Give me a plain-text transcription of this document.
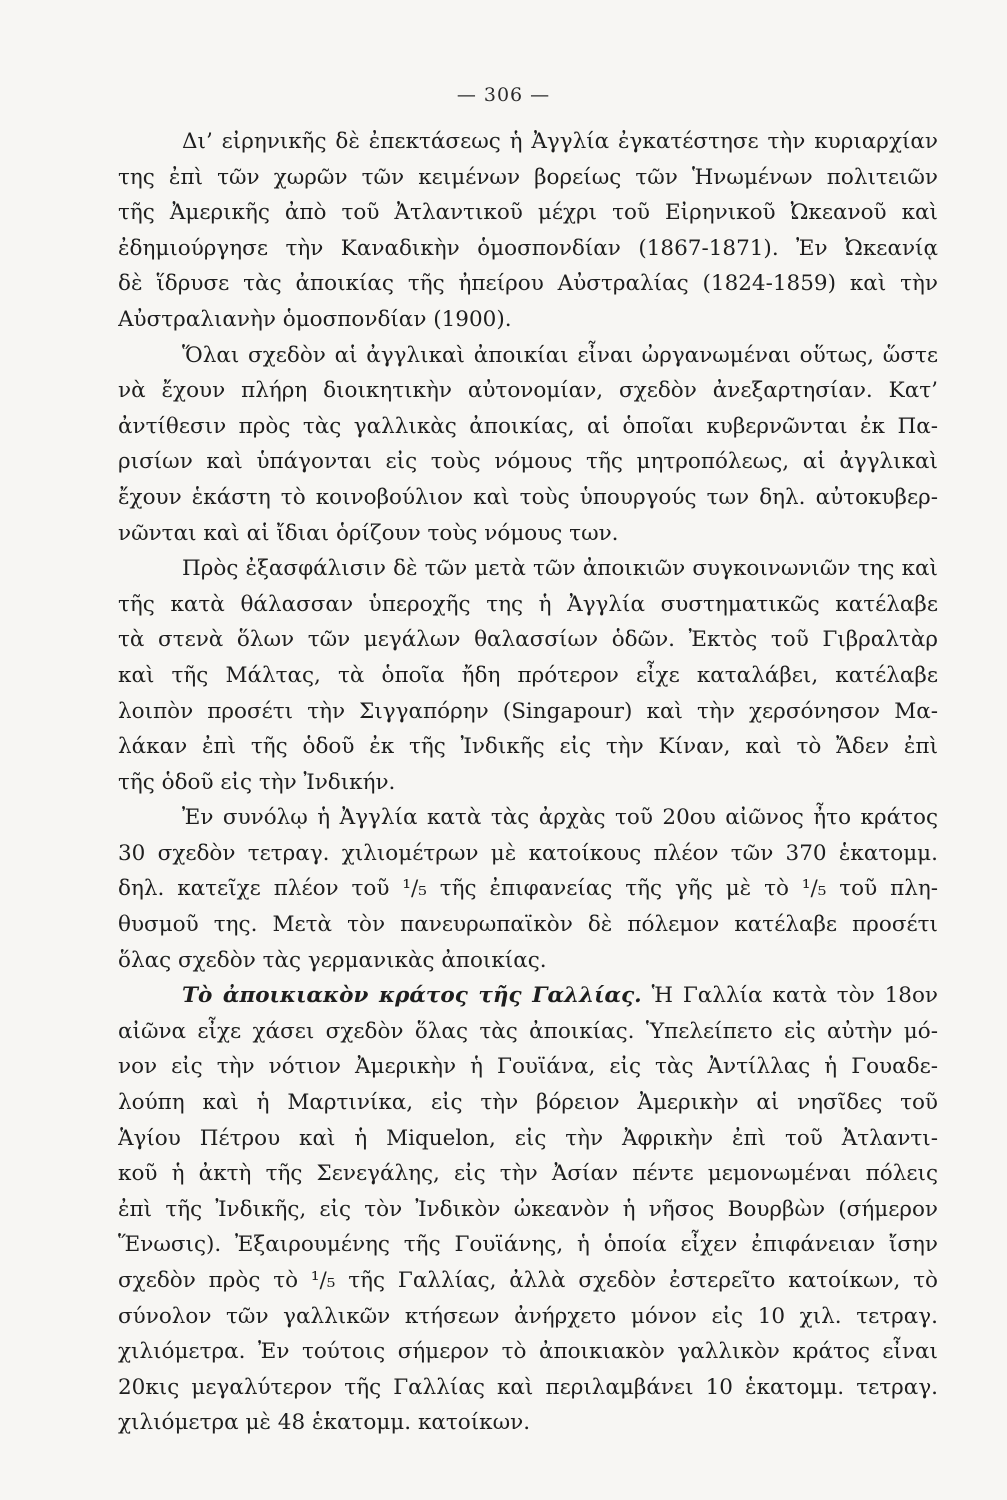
— 306 —
Δι’ εἰρηνικῆς δὲ ἐπεκτάσεως ἡ Ἀγγλία ἐγκατέστησε τὴν κυριαρχίαν
της ἐπὶ τῶν χωρῶν τῶν κειμένων βορείως τῶν Ἡνωμένων πολιτειῶν
τῆς Ἀμερικῆς ἀπὸ τοῦ Ἀτλαντικοῦ μέχρι τοῦ Εἰρηνικοῦ Ὠκεανοῦ καὶ
ἐδημιούργησε τὴν Καναδικὴν ὁμοσπονδίαν (1867-1871). Ἐν Ὠκεανίᾳ
δὲ ἵδρυσε τὰς ἀποικίας τῆς ἠπείρου Αὐστραλίας (1824-1859) καὶ τὴν
Αὐστραλιανὴν ὁμοσπονδίαν (1900).
Ὅλαι σχεδὸν αἱ ἀγγλικαὶ ἀποικίαι εἶναι ὠργανωμέναι οὕτως, ὥστε
νὰ ἔχουν πλήρη διοικητικὴν αὐτονομίαν, σχεδὸν ἀνεξαρτησίαν. Κατ’
ἀντίθεσιν πρὸς τὰς γαλλικὰς ἀποικίας, αἱ ὁποῖαι κυβερνῶνται ἐκ Πα-
ρισίων καὶ ὑπάγονται εἰς τοὺς νόμους τῆς μητροπόλεως, αἱ ἀγγλικαὶ
ἔχουν ἑκάστη τὸ κοινοβούλιον καὶ τοὺς ὑπουργούς των δηλ. αὐτοκυβερ-
νῶνται καὶ αἱ ἴδιαι ὁρίζουν τοὺς νόμους των.
Πρὸς ἐξασφάλισιν δὲ τῶν μετὰ τῶν ἀποικιῶν συγκοινωνιῶν της καὶ
τῆς κατὰ θάλασσαν ὑπεροχῆς της ἡ Ἀγγλία συστηματικῶς κατέλαβε
τὰ στενὰ ὅλων τῶν μεγάλων θαλασσίων ὁδῶν. Ἐκτὸς τοῦ Γιβραλτὰρ
καὶ τῆς Μάλτας, τὰ ὁποῖα ἤδη πρότερον εἶχε καταλάβει, κατέλαβε
λοιπὸν προσέτι τὴν Σιγγαπόρην (Singapour) καὶ τὴν χερσόνησον Μα-
λάκαν ἐπὶ τῆς ὁδοῦ ἐκ τῆς Ἰνδικῆς εἰς τὴν Κίναν, καὶ τὸ Ἄδεν ἐπὶ
τῆς ὁδοῦ εἰς τὴν Ἰνδικήν.
Ἐν συνόλῳ ἡ Ἀγγλία κατὰ τὰς ἀρχὰς τοῦ 20ου αἰῶνος ἦτο κράτος
30 σχεδὸν τετραγ. χιλιομέτρων μὲ κατοίκους πλέον τῶν 370 ἑκατομμ.
δηλ. κατεῖχε πλέον τοῦ ¹/₅ τῆς ἐπιφανείας τῆς γῆς μὲ τὸ ¹/₅ τοῦ πλη-
θυσμοῦ της. Μετὰ τὸν πανευρωπαϊκὸν δὲ πόλεμον κατέλαβε προσέτι
ὅλας σχεδὸν τὰς γερμανικὰς ἀποικίας.
Τὸ ἀποικιακὸν κράτος τῆς Γαλλίας. Ἡ Γαλλία κατὰ τὸν 18ον
αἰῶνα εἶχε χάσει σχεδὸν ὅλας τὰς ἀποικίας. Ὑπελείπετο εἰς αὐτὴν μό-
νον εἰς τὴν νότιον Ἀμερικὴν ἡ Γουϊάνα, εἰς τὰς Ἀντίλλας ἡ Γουαδε-
λούπη καὶ ἡ Μαρτινίκα, εἰς τὴν βόρειον Ἀμερικὴν αἱ νησῖδες τοῦ
Ἁγίου Πέτρου καὶ ἡ Miquelon, εἰς τὴν Ἀφρικὴν ἐπὶ τοῦ Ἀτλαντι-
κοῦ ἡ ἀκτὴ τῆς Σενεγάλης, εἰς τὴν Ἀσίαν πέντε μεμονωμέναι πόλεις
ἐπὶ τῆς Ἰνδικῆς, εἰς τὸν Ἰνδικὸν ὠκεανὸν ἡ νῆσος Βουρβὼν (σήμερον
Ἕνωσις). Ἐξαιρουμένης τῆς Γουϊάνης, ἡ ὁποία εἶχεν ἐπιφάνειαν ἴσην
σχεδὸν πρὸς τὸ ¹/₅ τῆς Γαλλίας, ἀλλὰ σχεδὸν ἐστερεῖτο κατοίκων, τὸ
σύνολον τῶν γαλλικῶν κτήσεων ἀνήρχετο μόνον εἰς 10 χιλ. τετραγ.
χιλιόμετρα. Ἐν τούτοις σήμερον τὸ ἀποικιακὸν γαλλικὸν κράτος εἶναι
20κις μεγαλύτερον τῆς Γαλλίας καὶ περιλαμβάνει 10 ἑκατομμ. τετραγ.
χιλιόμετρα μὲ 48 ἑκατομμ. κατοίκων.
